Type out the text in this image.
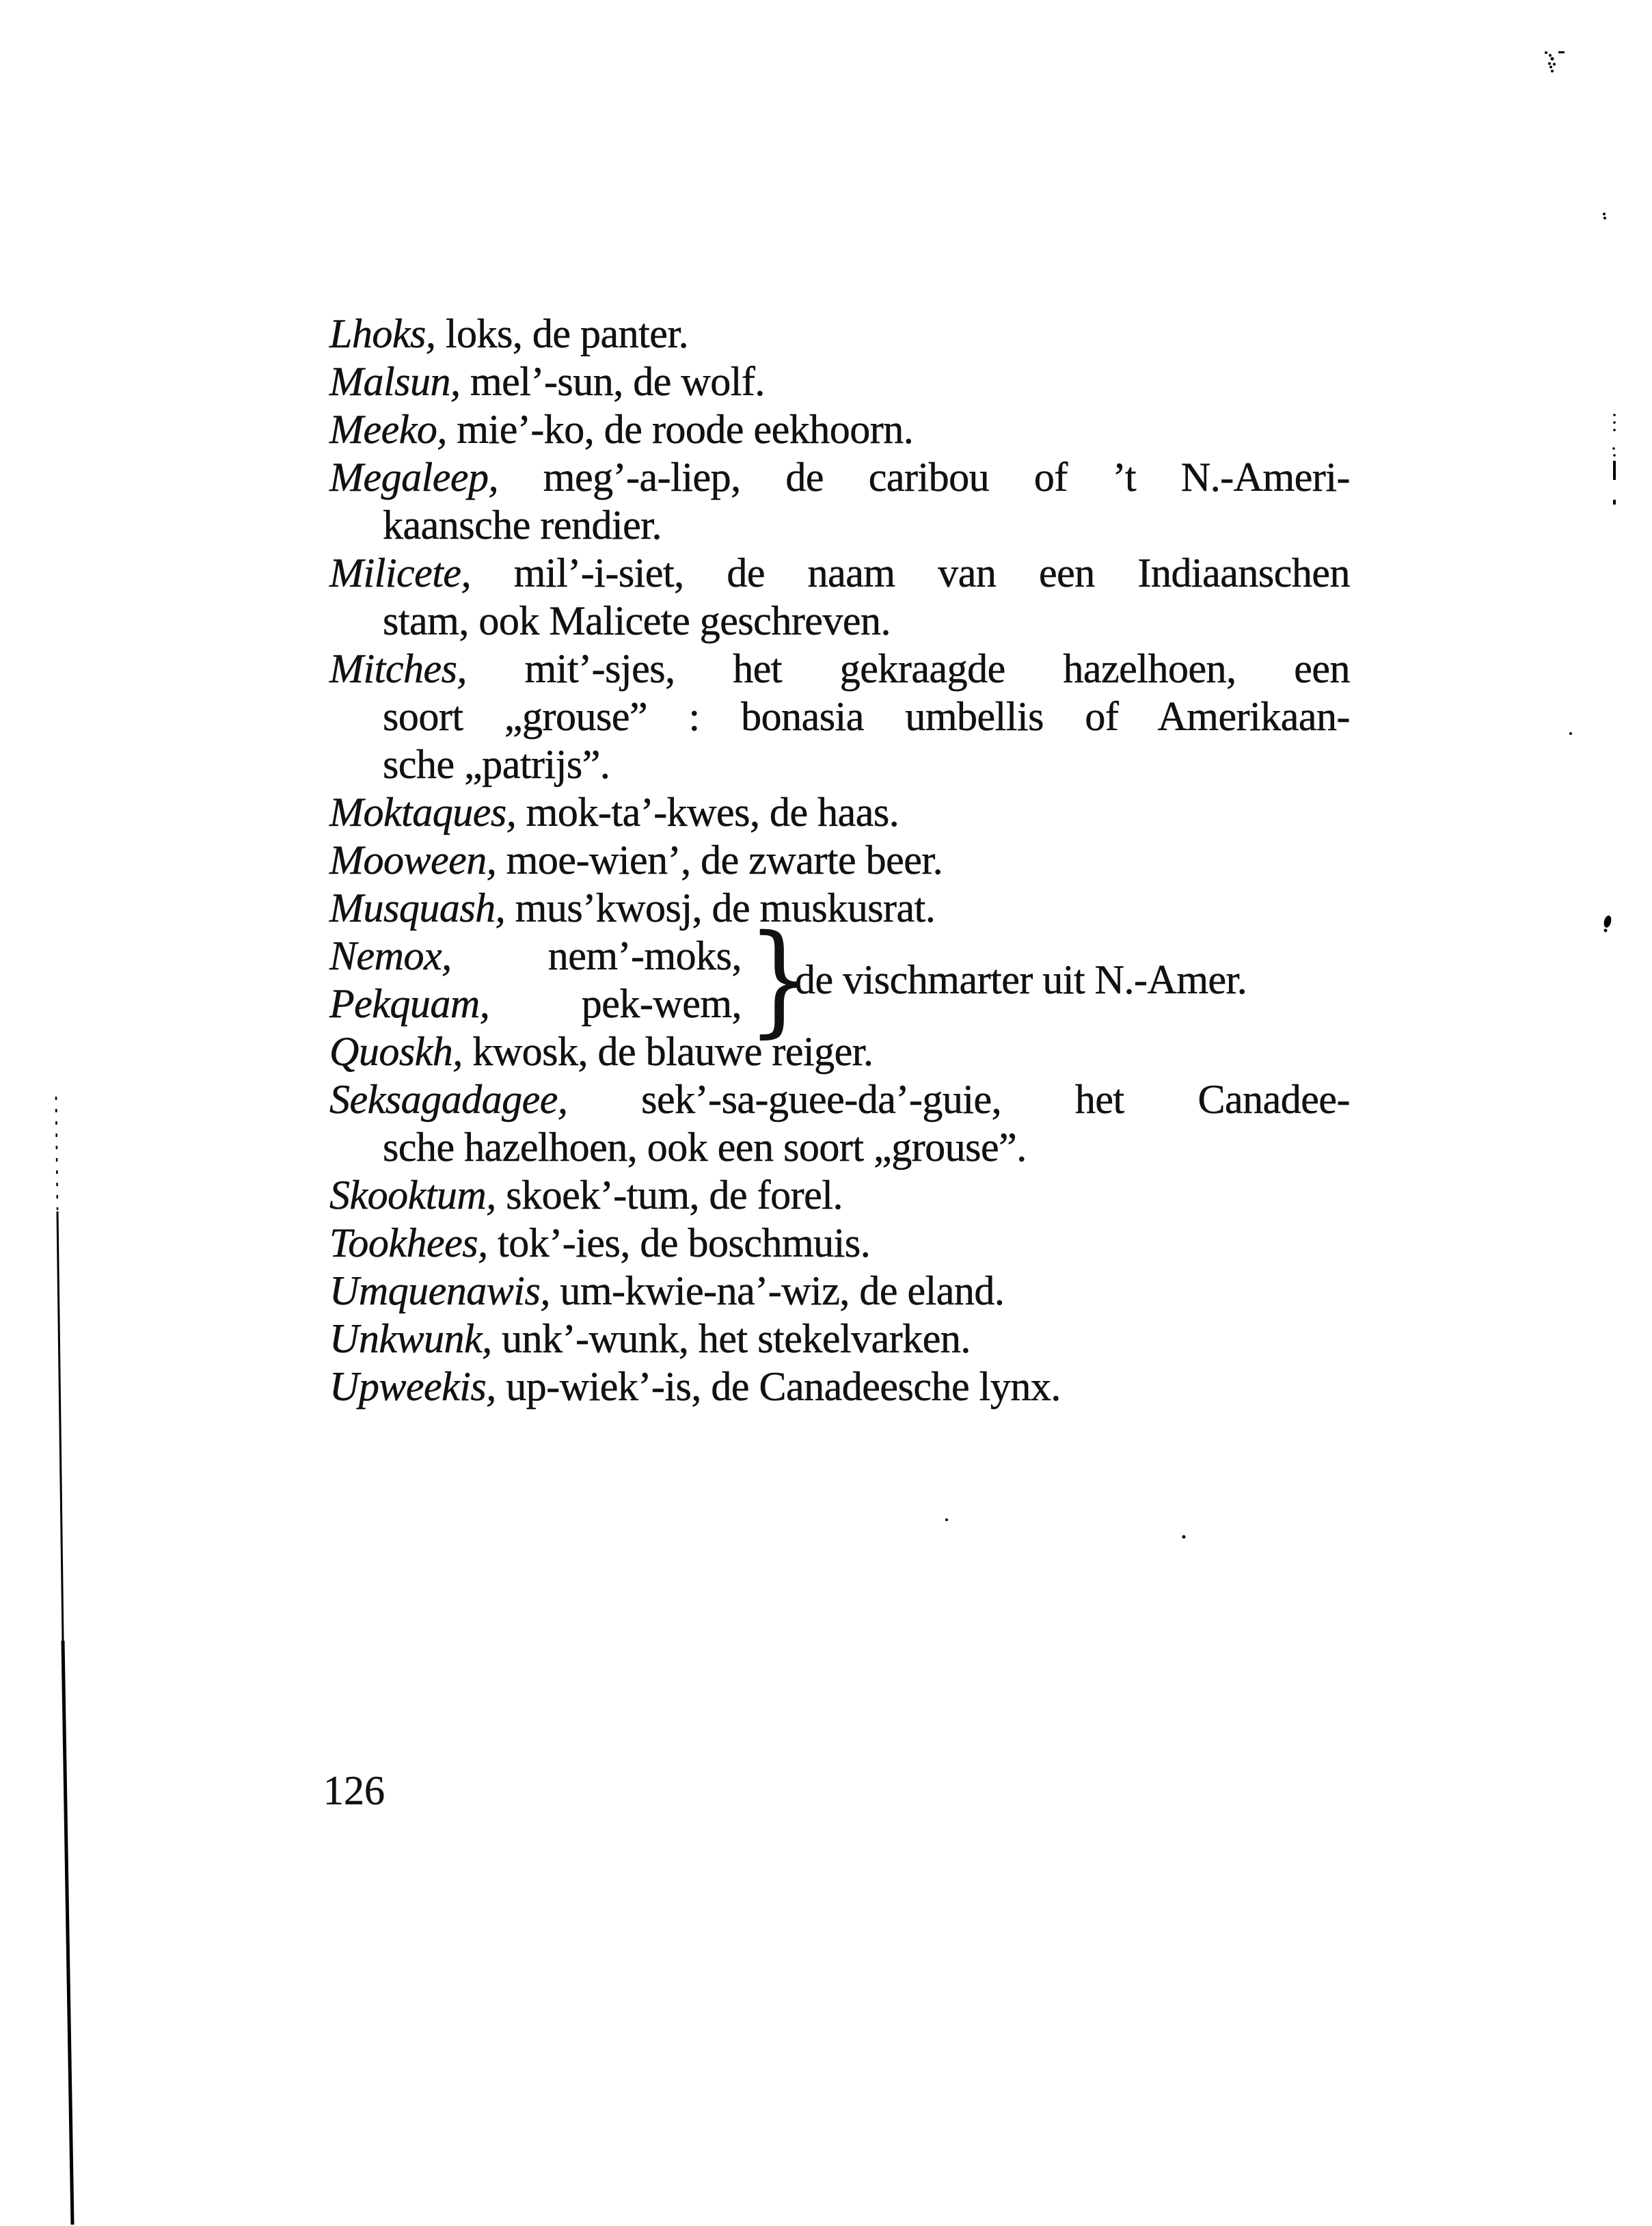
Lhoks, loks, de panter.
Malsun, mel’-sun, de wolf.
Meeko, mie’-ko, de roode eekhoorn.
Megaleep, meg’-a-liep, de caribou of ’t N.-Ameri-
kaansche rendier.
Milicete, mil’-i-siet, de naam van een Indiaanschen
stam, ook Malicete geschreven.
Mitches, mit’-sjes, het gekraagde hazelhoen, een
soort „grouse” : bonasia umbellis of Amerikaan-
sche „patrijs”.
Moktaques, mok-ta’-kwes, de haas.
Mooween, moe-wien’, de zwarte beer.
Musquash, mus’kwosj, de muskusrat.
Nemox, nem’-moks,
Pekquam, pek-wem, }
de vischmarter uit N.-Amer.
Quoskh, kwosk, de blauwe reiger.
Seksagadagee, sek’-sa-guee-da’-guie, het Canadee-
sche hazelhoen, ook een soort „grouse”.
Skooktum, skoek’-tum, de forel.
Tookhees, tok’-ies, de boschmuis.
Umquenawis, um-kwie-na’-wiz, de eland.
Unkwunk, unk’-wunk, het stekelvarken.
Upweekis, up-wiek’-is, de Canadeesche lynx.
126
